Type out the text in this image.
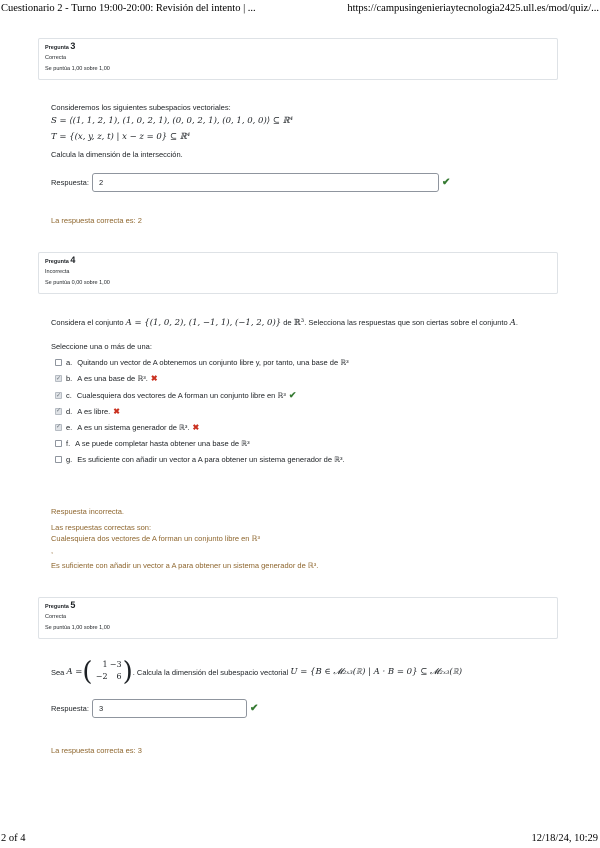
Cuestionario 2 - Turno 19:00-20:00: Revisión del intento | ...	https://campusingenieriaytecnologia2425.ull.es/mod/quiz/...
Pregunta 3
Correcta
Se puntúa 1,00 sobre 1,00
Consideremos los siguientes subespacios vectoriales:
S = ⟨(1, 1, 2, 1), (1, 0, 2, 1), (0, 0, 2, 1), (0, 1, 0, 0)⟩ ⊆ ℝ⁴
T = {(x, y, z, t) | x − z = 0} ⊆ ℝ⁴
Calcula la dimensión de la intersección.
Respuesta:	2	✔
La respuesta correcta es: 2
Pregunta 4
Incorrecta
Se puntúa 0,00 sobre 1,00
Considera el conjunto A = {(1, 0, 2), (1, −1, 1), (−1, 2, 0)} de ℝ³. Selecciona las respuestas que son ciertas sobre el conjunto A.
Seleccione una o más de una:
a. Quitando un vector de A obtenemos un conjunto libre y, por tanto, una base de ℝ³
✓
b. A es una base de ℝ³. ✖
✓
c. Cualesquiera dos vectores de A forman un conjunto libre en ℝ³ ✔
✓
d. A es libre. ✖
✓
e. A es un sistema generador de ℝ³. ✖
f. A se puede completar hasta obtener una base de ℝ³
g. Es suficiente con añadir un vector a A para obtener un sistema generador de ℝ³.
Respuesta incorrecta.
Las respuestas correctas son:
Cualesquiera dos vectores de A forman un conjunto libre en ℝ³
,
Es suficiente con añadir un vector a A para obtener un sistema generador de ℝ³.
Pregunta 5
Correcta
Se puntúa 1,00 sobre 1,00
Sea
A = (	1 −3
−2	6 ) . Calcula la dimensión del subespacio vectorial
U = {B ∈ 𝓜₂ₓ₃(ℝ) | A · B = 0} ⊆ 𝓜₂ₓ₃(ℝ)
Respuesta:	3	✔
La respuesta correcta es: 3
2 of 4	12/18/24, 10:29
